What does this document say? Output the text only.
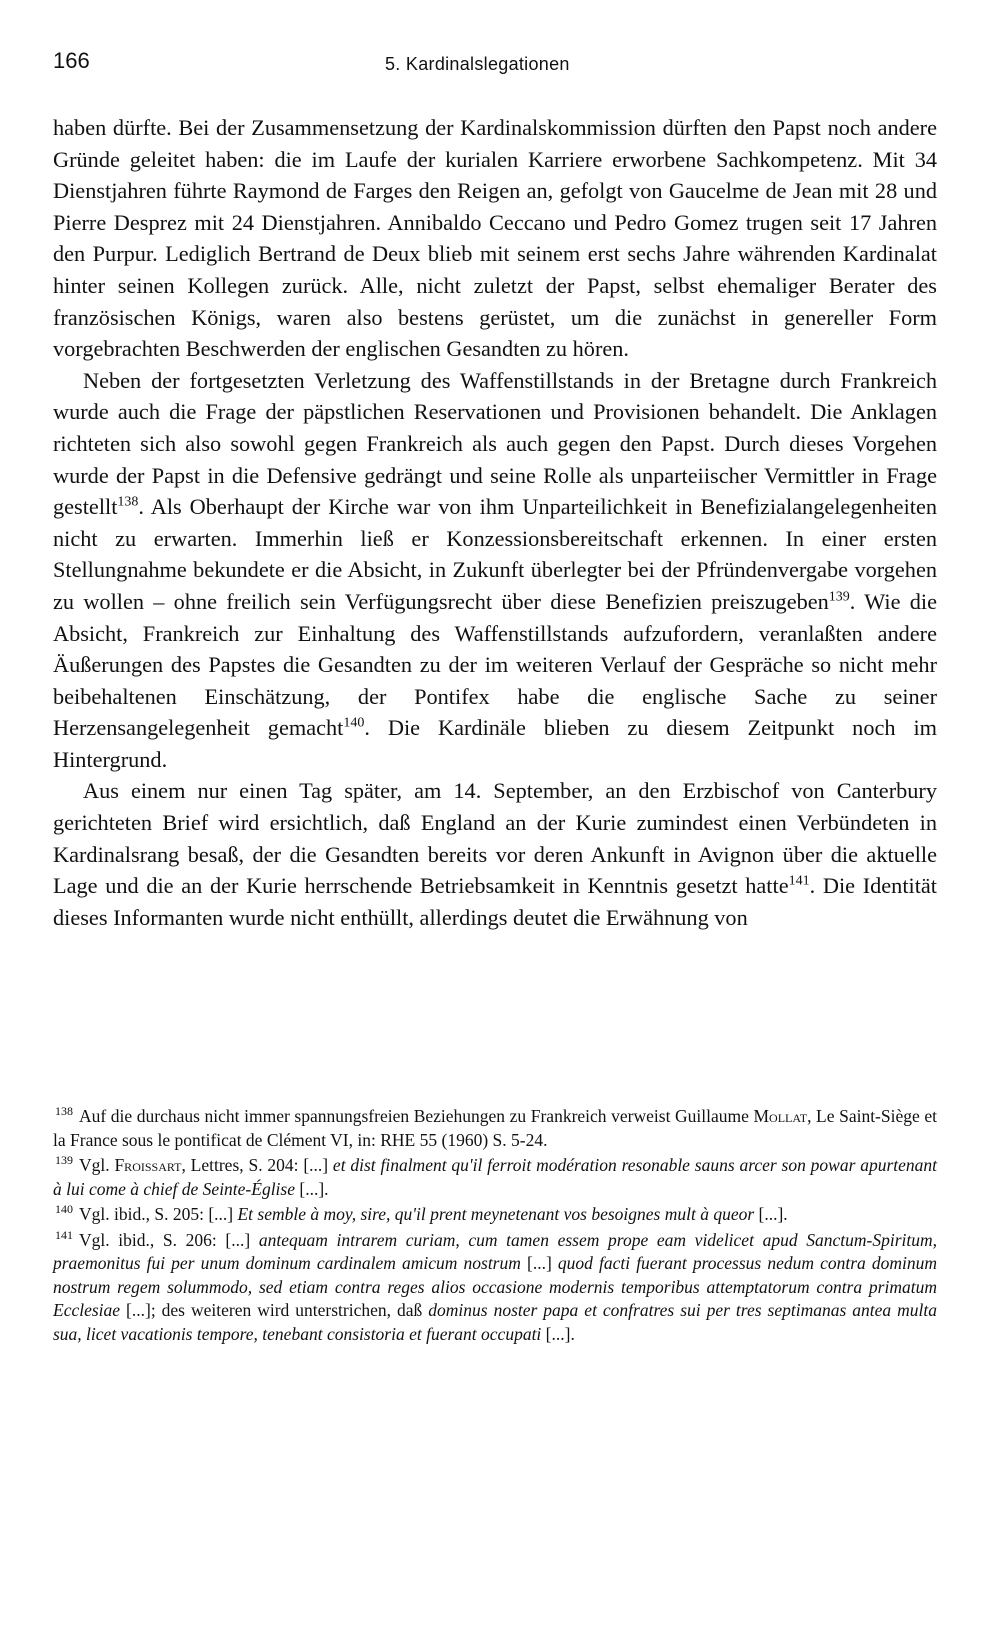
166	5. Kardinalslegationen

haben dürfte. Bei der Zusammensetzung der Kardinalskommission dürften den Papst noch andere Gründe geleitet haben: die im Laufe der kurialen Karriere erworbene Sachkompetenz. Mit 34 Dienstjahren führte Raymond de Farges den Reigen an, gefolgt von Gaucelme de Jean mit 28 und Pierre Desprez mit 24 Dienstjahren. Annibaldo Ceccano und Pedro Gomez trugen seit 17 Jahren den Purpur. Lediglich Bertrand de Deux blieb mit seinem erst sechs Jahre währenden Kardinalat hinter seinen Kollegen zurück. Alle, nicht zuletzt der Papst, selbst ehemaliger Berater des französischen Königs, waren also bestens gerüstet, um die zunächst in genereller Form vorgebrachten Beschwerden der englischen Gesandten zu hören.

Neben der fortgesetzten Verletzung des Waffenstillstands in der Bretagne durch Frankreich wurde auch die Frage der päpstlichen Reservationen und Provisionen behandelt. Die Anklagen richteten sich also sowohl gegen Frankreich als auch gegen den Papst. Durch dieses Vorgehen wurde der Papst in die Defensive gedrängt und seine Rolle als unparteiischer Vermittler in Frage gestellt$^{138}$. Als Oberhaupt der Kirche war von ihm Unparteilichkeit in Benefizialangelegenheiten nicht zu erwarten. Immerhin ließ er Konzessionsbereitschaft erkennen. In einer ersten Stellungnahme bekundete er die Absicht, in Zukunft überlegter bei der Pfründenvergabe vorgehen zu wollen – ohne freilich sein Verfügungsrecht über diese Benefizien preiszugeben$^{139}$. Wie die Absicht, Frankreich zur Einhaltung des Waffenstillstands aufzufordern, veranlaßten andere Äußerungen des Papstes die Gesandten zu der im weiteren Verlauf der Gespräche so nicht mehr beibehaltenen Einschätzung, der Pontifex habe die englische Sache zu seiner Herzensangelegenheit gemacht$^{140}$. Die Kardinäle blieben zu diesem Zeitpunkt noch im Hintergrund.

Aus einem nur einen Tag später, am 14. September, an den Erzbischof von Canterbury gerichteten Brief wird ersichtlich, daß England an der Kurie zumindest einen Verbündeten in Kardinalsrang besaß, der die Gesandten bereits vor deren Ankunft in Avignon über die aktuelle Lage und die an der Kurie herrschende Betriebsamkeit in Kenntnis gesetzt hatte$^{141}$. Die Identität dieses Informanten wurde nicht enthüllt, allerdings deutet die Erwähnung von

$^{138}$ Auf die durchaus nicht immer spannungsfreien Beziehungen zu Frankreich verweist Guillaume Mollat, Le Saint-Siège et la France sous le pontificat de Clément VI, in: RHE 55 (1960) S. 5-24.

$^{139}$ Vgl. Froissart, Lettres, S. 204: [...] et dist finalment qu'il ferroit modération resonable sauns arcer son powar apurtenant à lui come à chief de Seinte-Église [...].

$^{140}$ Vgl. ibid., S. 205: [...] Et semble à moy, sire, qu'il prent meynetenant vos besoignes mult à queor [...].

$^{141}$ Vgl. ibid., S. 206: [...] antequam intrarem curiam, cum tamen essem prope eam videlicet apud Sanctum-Spiritum, praemonitus fui per unum dominum cardinalem amicum nostrum [...] quod facti fuerant processus nedum contra dominum nostrum regem solummodo, sed etiam contra reges alios occasione modernis temporibus attemptatorum contra primatum Ecclesiae [...]; des weiteren wird unterstrichen, daß dominus noster papa et confratres sui per tres septimanas antea multa sua, licet vacationis tempore, tenebant consistoria et fuerant occupati [...].
